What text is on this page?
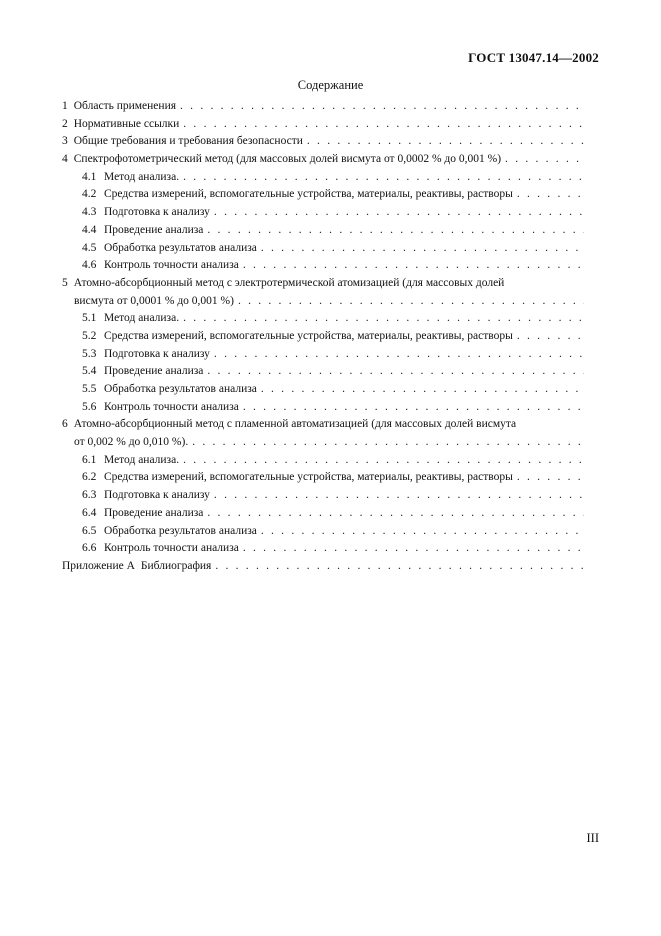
ГОСТ 13047.14—2002
Содержание
1 Область применения
. . .
2 Нормативные ссылки
. . .
3 Общие требования и требования безопасности
. . .
4 Спектрофотометрический метод (для массовых долей висмута от 0,0002 % до 0,001 %)
. . .
4.1 Метод анализа.
. . .
4.2 Средства измерений, вспомогательные устройства, материалы, реактивы, растворы
. . .
4.3 Подготовка к анализу
. . .
4.4 Проведение анализа
. . .
4.5 Обработка результатов анализа
. . .
4.6 Контроль точности анализа
. . .
5 Атомно-абсорбционный метод с электротермической атомизацией (для массовых долей
висмута от 0,0001 % до 0,001 %)
. . .
5.1 Метод анализа.
. . .
5.2 Средства измерений, вспомогательные устройства, материалы, реактивы, растворы
. . .
5.3 Подготовка к анализу
. . .
5.4 Проведение анализа
. . .
5.5 Обработка результатов анализа
. . .
5.6 Контроль точности анализа
. . .
6 Атомно-абсорбционный метод с пламенной автоматизацией (для массовых долей висмута
от 0,002 % до 0,010 %).
. . .
6.1 Метод анализа.
. . .
6.2 Средства измерений, вспомогательные устройства, материалы, реактивы, растворы
. . .
6.3 Подготовка к анализу
. . .
6.4 Проведение анализа
. . .
6.5 Обработка результатов анализа
. . .
6.6 Контроль точности анализа
. . .
Приложение А Библиография
. . .
III
